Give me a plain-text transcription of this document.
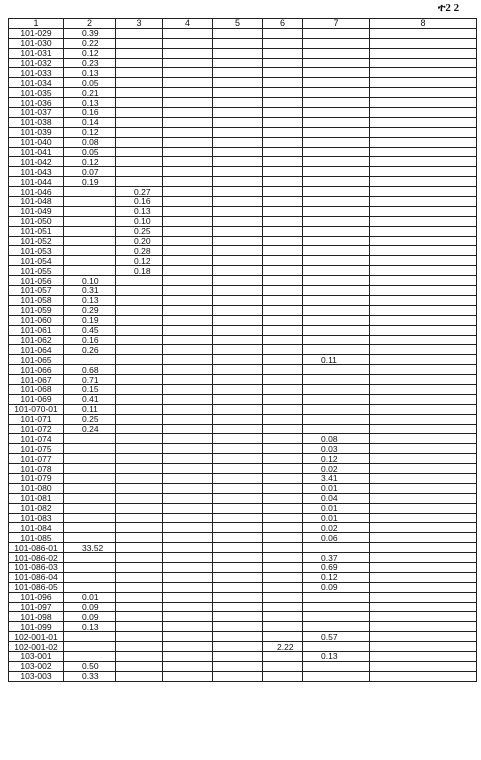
ተ2 2
1	2	3	4	5	6	7	8
101-029	0.39						
101-030	0.22						
101-031	0.12						
101-032	0.23						
101-033	0.13						
101-034	0.05						
101-035	0.21						
101-036	0.13						
101-037	0.16						
101-038	0.14						
101-039	0.12						
101-040	0.08						
101-041	0.05						
101-042	0.12						
101-043	0.07						
101-044	0.19						
101-046		0.27					
101-048		0.16					
101-049		0.13					
101-050		0.10					
101-051		0.25					
101-052		0.20					
101-053		0.28					
101-054		0.12					
101-055		0.18					
101-056	0.10						
101-057	0.31						
101-058	0.13						
101-059	0.29						
101-060	0.19						
101-061	0.45						
101-062	0.16						
101-064	0.26						
101-065						0.11	
101-066	0.68						
101-067	0.71						
101-068	0.15						
101-069	0.41						
101-070-01	0.11						
101-071	0.25						
101-072	0.24						
101-074						0.08	
101-075						0.03	
101-077						0.12	
101-078						0.02	
101-079						3.41	
101-080						0.01	
101-081						0.04	
101-082						0.01	
101-083						0.01	
101-084						0.02	
101-085						0.06	
101-086-01	33.52						
101-086-02						0.37	
101-086-03						0.69	
101-086-04						0.12	
101-086-05						0.09	
101-096	0.01						
101-097	0.09						
101-098	0.09						
101-099	0.13						
102-001-01						0.57	
102-001-02					2.22		
103-001						0.13	
103-002	0.50						
103-003	0.33						
